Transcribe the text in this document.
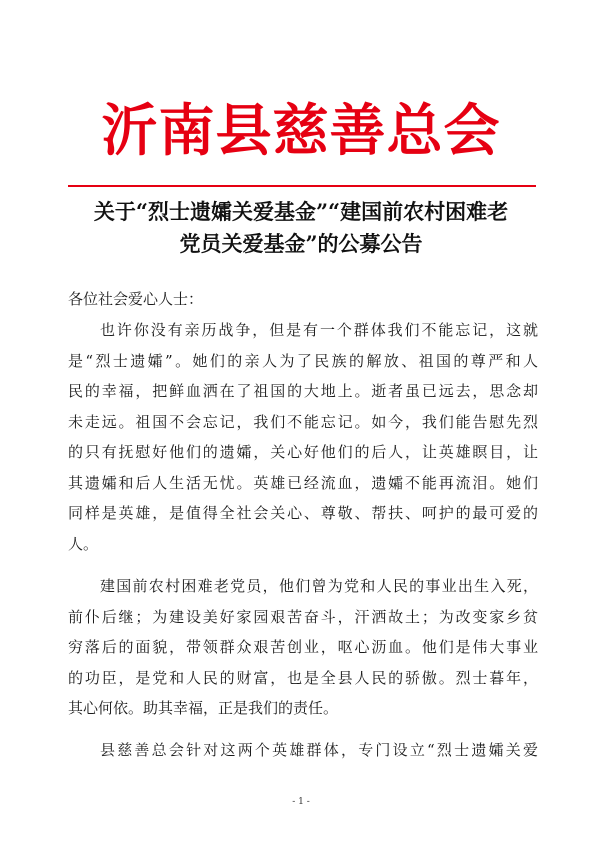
沂南县慈善总会
关于“烈士遗孀关爱基金”“建国前农村困难老
党员关爱基金”的公募公告
各位社会爱心人士：
也许你没有亲历战争，但是有一个群体我们不能忘记，这就
是“烈士遗孀”。她们的亲人为了民族的解放、祖国的尊严和人
民的幸福，把鲜血洒在了祖国的大地上。逝者虽已远去，思念却
未走远。祖国不会忘记，我们不能忘记。如今，我们能告慰先烈
的只有抚慰好他们的遗孀，关心好他们的后人，让英雄瞑目，让
其遗孀和后人生活无忧。英雄已经流血，遗孀不能再流泪。她们
同样是英雄，是值得全社会关心、尊敬、帮扶、呵护的最可爱的
人。
建国前农村困难老党员，他们曾为党和人民的事业出生入死，
前仆后继；为建设美好家园艰苦奋斗，汗洒故土；为改变家乡贫
穷落后的面貌，带领群众艰苦创业，呕心沥血。他们是伟大事业
的功臣，是党和人民的财富，也是全县人民的骄傲。烈士暮年，
其心何依。助其幸福，正是我们的责任。
县慈善总会针对这两个英雄群体，专门设立“烈士遗孀关爱
- 1 -
